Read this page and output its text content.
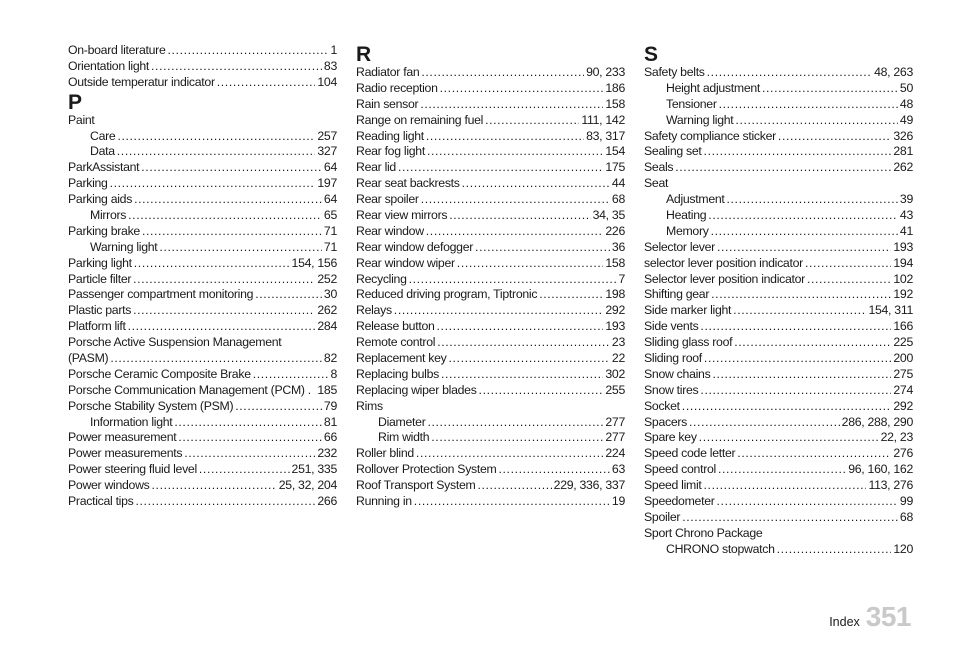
On-board literature .....	1
Orientation light .....	83
Outside temperatur indicator .....	104
P
Paint
Care .....	257
Data .....	327
ParkAssistant .....	64
Parking .....	197
Parking aids .....	64
Mirrors .....	65
Parking brake .....	71
Warning light .....	71
Parking light .....	154, 156
Particle filter .....	252
Passenger compartment monitoring .....	30
Plastic parts .....	262
Platform lift .....	284
Porsche Active Suspension Management
(PASM) .....	82
Porsche Ceramic Composite Brake .....	8
Porsche Communication Management (PCM) . 185
Porsche Stability System (PSM) .....	79
Information light .....	81
Power measurement .....	66
Power measurements .....	232
Power steering fluid level .....	251, 335
Power windows .....	25, 32, 204
Practical tips .....	266
R
Radiator fan .....	90, 233
Radio reception .....	186
Rain sensor .....	158
Range on remaining fuel .....	111, 142
Reading light .....	83, 317
Rear fog light .....	154
Rear lid .....	175
Rear seat backrests .....	44
Rear spoiler .....	68
Rear view mirrors .....	34, 35
Rear window .....	226
Rear window defogger .....	36
Rear window wiper .....	158
Recycling .....	7
Reduced driving program, Tiptronic .....	198
Relays .....	292
Release button .....	193
Remote control .....	23
Replacement key .....	22
Replacing bulbs .....	302
Replacing wiper blades .....	255
Rims
Diameter .....	277
Rim width .....	277
Roller blind .....	224
Rollover Protection System .....	63
Roof Transport System .....	229, 336, 337
Running in .....	19
S
Safety belts .....	48, 263
Height adjustment .....	50
Tensioner .....	48
Warning light .....	49
Safety compliance sticker .....	326
Sealing set .....	281
Seals .....	262
Seat
Adjustment .....	39
Heating .....	43
Memory .....	41
Selector lever .....	193
selector lever position indicator .....	194
Selector lever position indicator .....	102
Shifting gear .....	192
Side marker light .....	154, 311
Side vents .....	166
Sliding glass roof .....	225
Sliding roof .....	200
Snow chains .....	275
Snow tires .....	274
Socket .....	292
Spacers .....	286, 288, 290
Spare key .....	22, 23
Speed code letter .....	276
Speed control .....	96, 160, 162
Speed limit .....	113, 276
Speedometer .....	99
Spoiler .....	68
Sport Chrono Package
CHRONO stopwatch .....	120
Index 351
